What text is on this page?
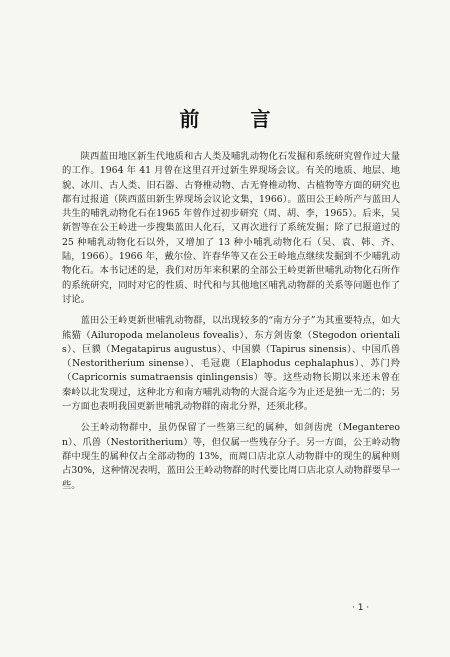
前 言

陕西蓝田地区新生代地质和古人类及哺乳动物化石发掘和系统研究曾作过大量的工作。1964 年 41 月曾在这里召开过新生界现场会议。有关的地质、地层、地貌、冰川、古人类、旧石器、古脊椎动物、古无脊椎动物、古植物等方面的研究也都有过报道（陕西蓝田新生界现场会议论文集，1966）。蓝田公王岭所产与蓝田人共生的哺乳动物化石在1965 年曾作过初步研究（周、胡、李，1965）。后来，吴新智等在公王岭进一步搜集蓝田人化石，又再次进行了系统发掘；除了已报道过的 25 种哺乳动物化石以外，又增加了 13 种小哺乳动物化石（吴、袁、韩、齐、陆，1966）。1966 年，戴尔俭、许春华等又在公王岭地点继续发掘到不少哺乳动物化石。本书记述的是，我们对历年来积累的全部公王岭更新世哺乳动物化石所作的系统研究，同时对它的性质、时代和与其他地区哺乳动物群的关系等问题也作了讨论。

蓝田公王岭更新世哺乳动物群，以出现较多的“南方分子”为其重要特点，如大熊猫（Ailuropoda melanoleus fovealis）、东方剑齿象（Stegodon orientalis）、巨貘（Megatapirus augustus）、中国貘（Tapirus sinensis）、中国爪兽（Nestoritherium sinense）、毛冠鹿（Elaphodus cephalaphus）、苏门羚（Capricornis sumatraensis qinlingensis）等。这些动物长期以来还未曾在秦岭以北发现过，这种北方和南方哺乳动物的大混合迄今为止还是独一无二的；另一方面也表明我国更新世哺乳动物群的南北分界，还须北移。

公王岭动物群中，虽仍保留了一些第三纪的属种，如剑齿虎（Megantereon）、爪兽（Nestoritherium）等，但仅属一些残存分子。另一方面，公王岭动物群中现生的属种仅占全部动物的 13%，而周口店北京人动物群中的现生的属种则占30%，这种情况表明，蓝田公王岭动物群的时代要比周口店北京人动物群要早一些。

· 1 ·
